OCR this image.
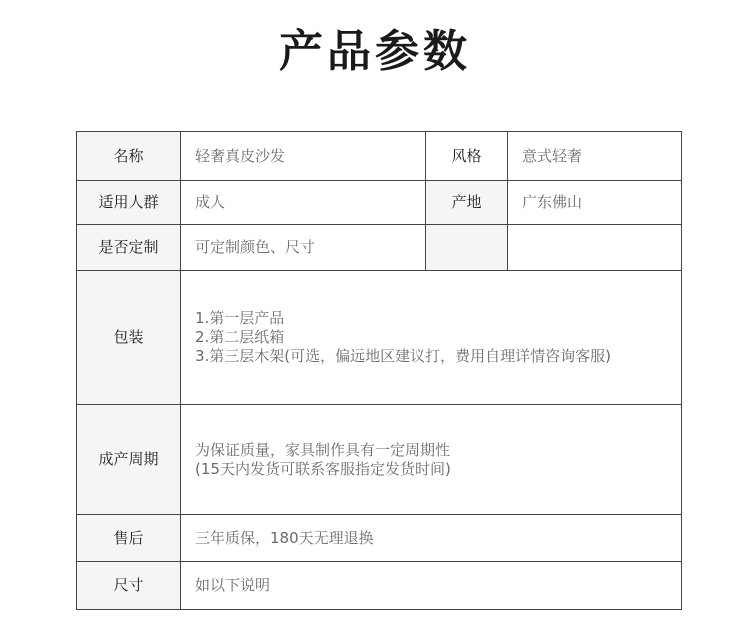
产品参数
名称	轻奢真皮沙发	风格	意式轻奢
适用人群	成人	产地	广东佛山
是否定制	可定制颜色、尺寸		
包装	1.第一层产品
2.第二层纸箱
3.第三层木架(可选，偏远地区建议打，费用自理详情咨询客服)		

成产周期	为保证质量，家具制作具有一定周期性
(15天内发货可联系客服指定发货时间)		

售后	三年质保，180天无理退换		
尺寸	如以下说明		
